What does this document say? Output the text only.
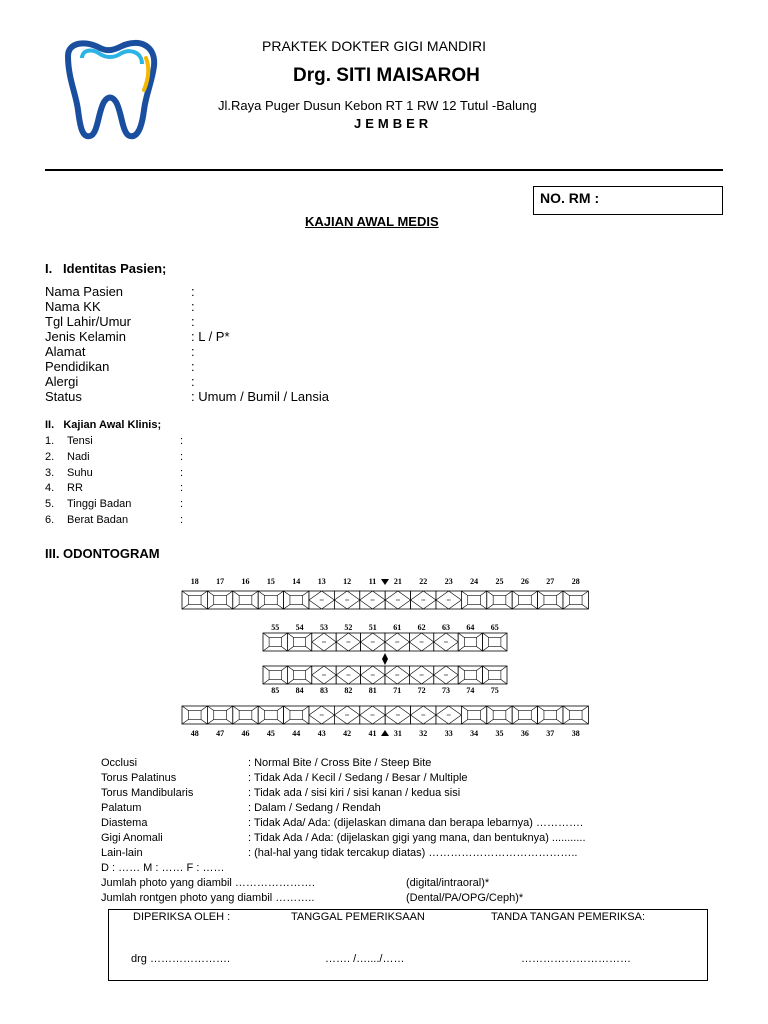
PRAKTEK DOKTER GIGI MANDIRI
Drg. SITI MAISAROH
Jl.Raya Puger Dusun Kebon RT 1 RW 12 Tutul -Balung
JEMBER
NO. RM :
KAJIAN AWAL MEDIS
I.   Identitas Pasien;
Nama Pasien	:
Nama KK	:
Tgl Lahir/Umur	:
Jenis Kelamin	: L / P*
Alamat	:
Pendidikan	:
Alergi	:
Status	: Umum / Bumil / Lansia
II.   Kajian Awal Klinis;
1. Tensi	:
2. Nadi	:
3. Suhu	:
4. RR	:
5. Tinggi Badan	:
6. Berat Badan	:
III. ODONTOGRAM
18 17 16 15 14 13 12 11 21 22 23 24 25 26 27 28
55 54 53 52 51 61 62 63 64 65
85 84 83 82 81 71 72 73 74 75
48 47 46 45 44 43 42 41 31 32 33 34 35 36 37 38
Occlusi	: Normal Bite / Cross Bite / Steep Bite
Torus Palatinus	: Tidak Ada / Kecil / Sedang / Besar / Multiple
Torus Mandibularis	: Tidak ada / sisi kiri / sisi kanan / kedua sisi
Palatum	: Dalam / Sedang / Rendah
Diastema	: Tidak Ada/ Ada: (dijelaskan dimana dan berapa lebarnya) ………….
Gigi Anomali	: Tidak Ada / Ada: (dijelaskan gigi yang mana, dan bentuknya) ...........
Lain-lain	: (hal-hal yang tidak tercakup diatas) …………………………………..
D : …… M : …… F : ……
Jumlah photo yang diambil ………………….	(digital/intraoral)*
Jumlah rontgen photo yang diambil ………..	(Dental/PA/OPG/Ceph)*
DIPERIKSA OLEH :	TANGGAL PEMERIKSAAN	TANDA TANGAN PEMERIKSA:
drg ………………….	……. /…..../……	…………………………
